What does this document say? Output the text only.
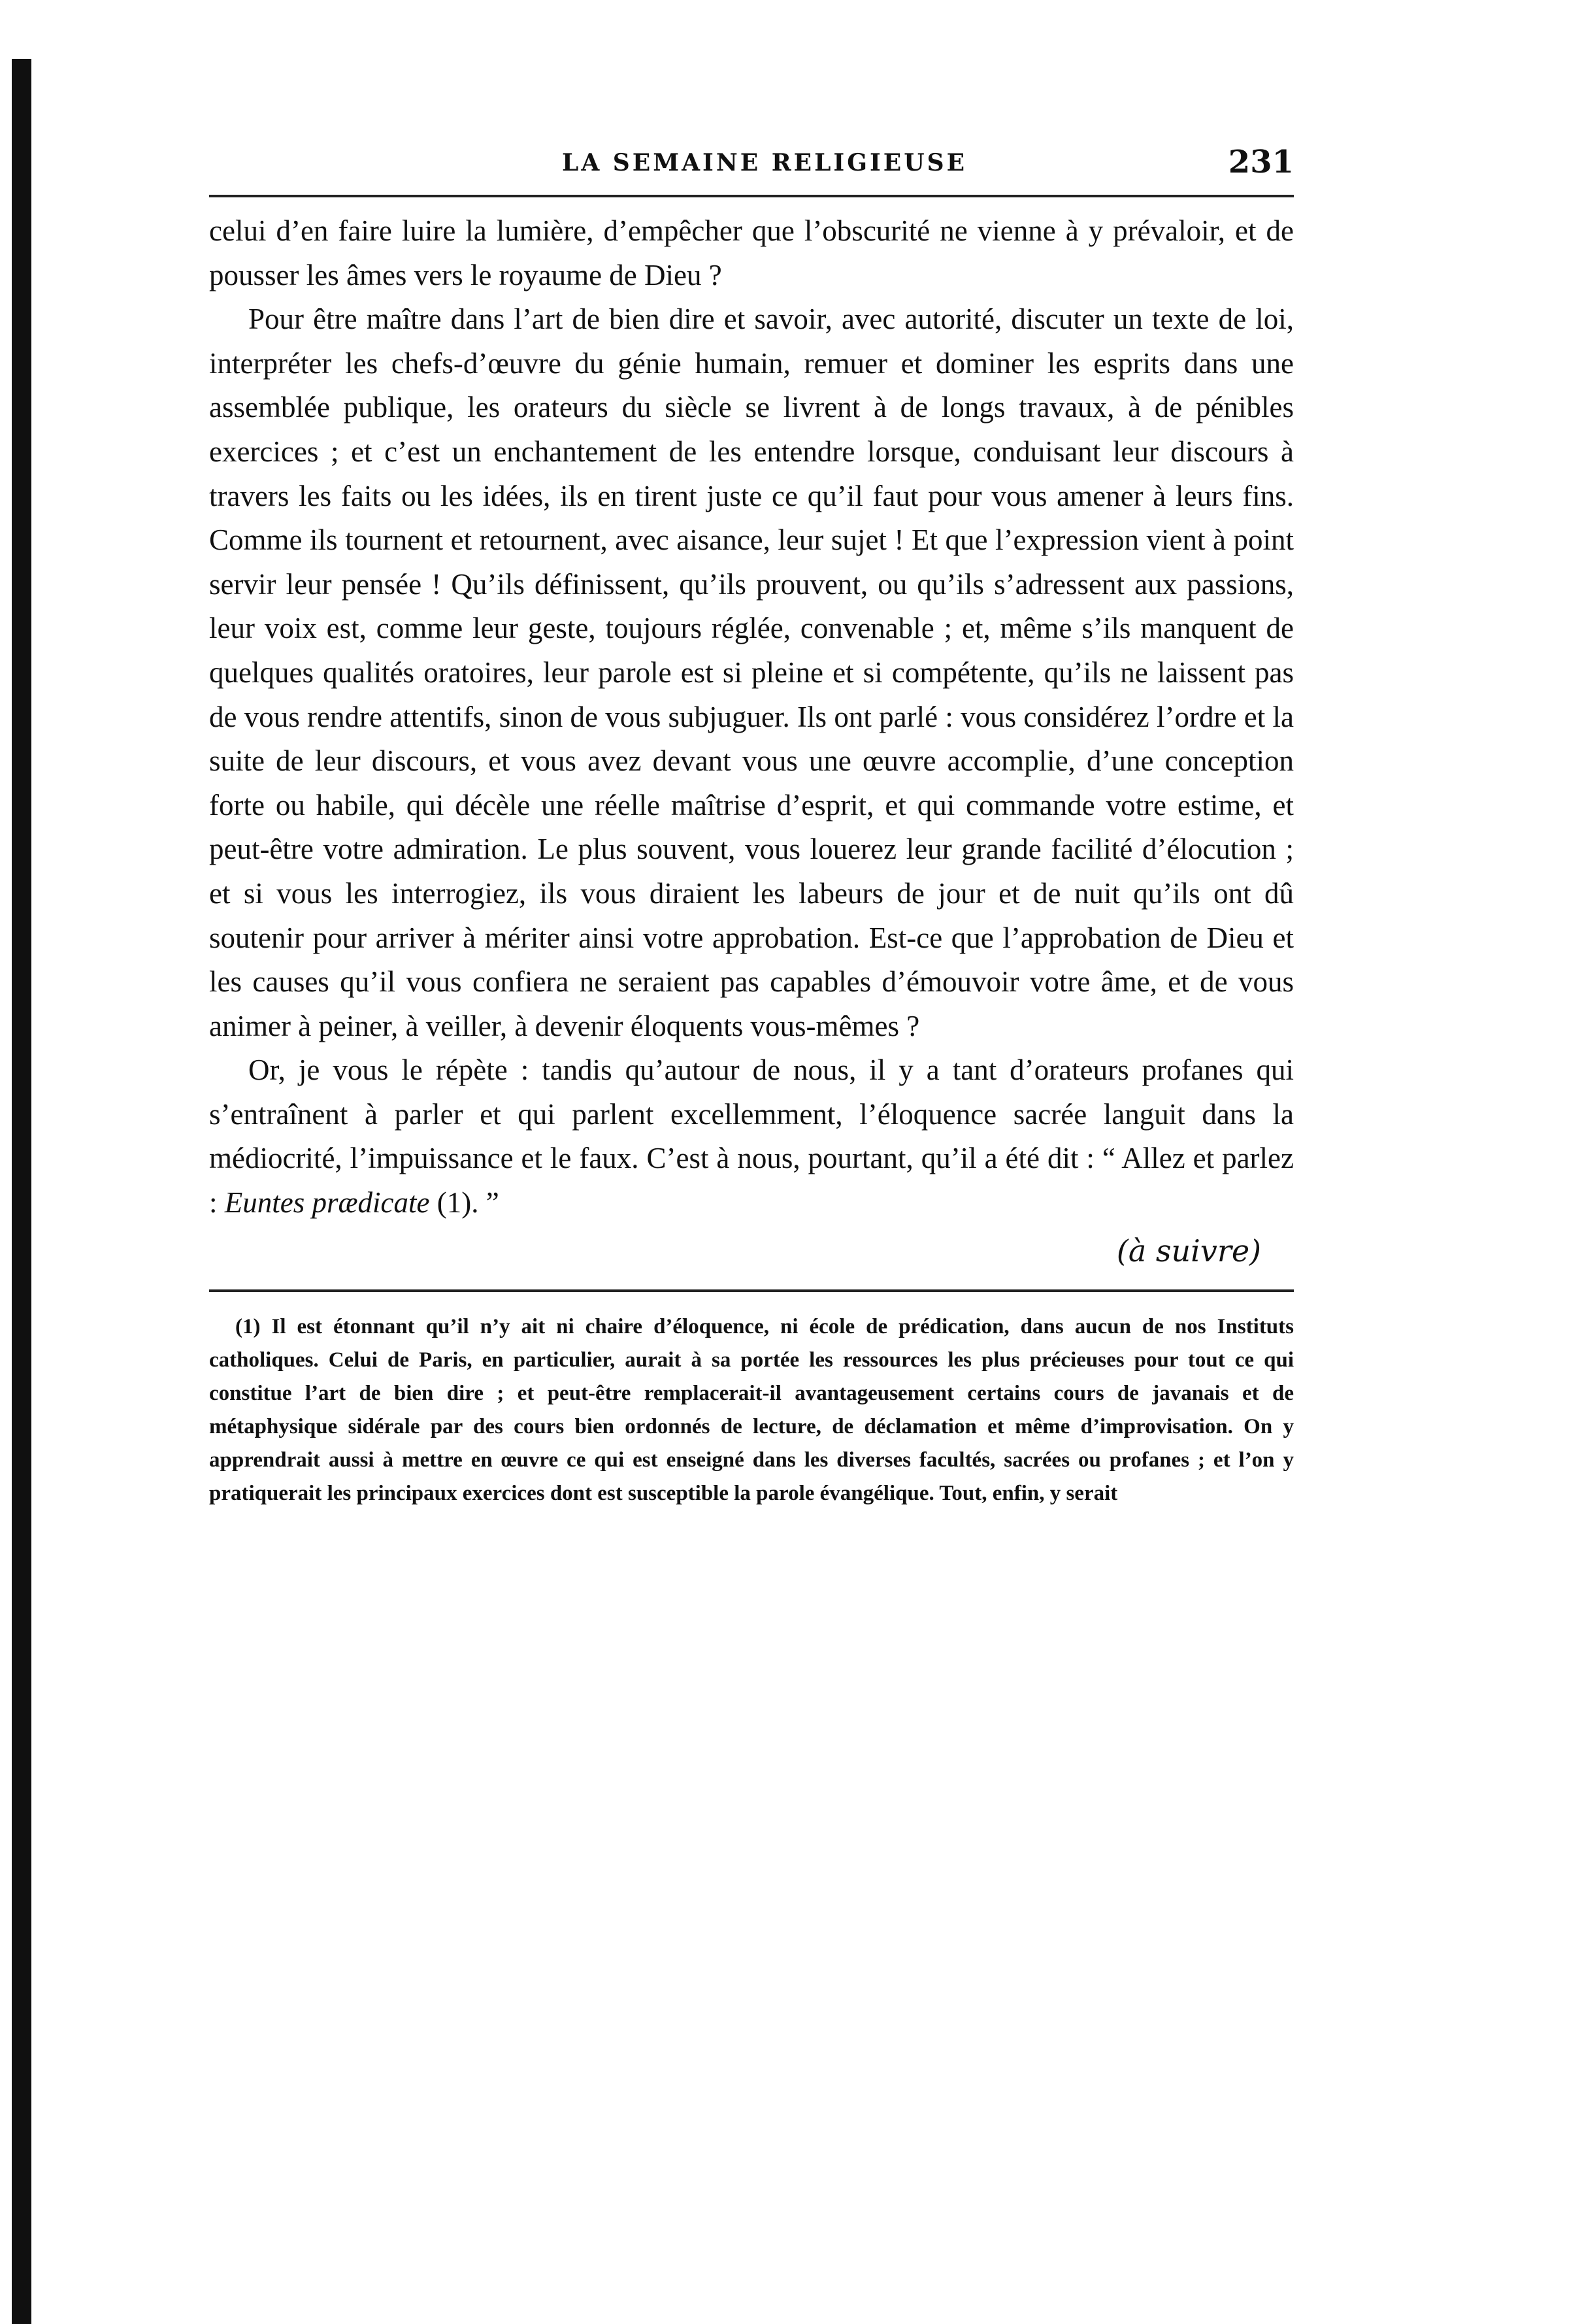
LA SEMAINE RELIGIEUSE	231

celui d’en faire luire la lumière, d’empêcher que l’obscurité ne vienne à y prévaloir, et de pousser les âmes vers le royaume de Dieu ?

Pour être maître dans l’art de bien dire et savoir, avec autorité, discuter un texte de loi, interpréter les chefs-d’œuvre du génie humain, remuer et dominer les esprits dans une assemblée publique, les orateurs du siècle se livrent à de longs travaux, à de pénibles exercices ; et c’est un enchantement de les entendre lorsque, conduisant leur discours à travers les faits ou les idées, ils en tirent juste ce qu’il faut pour vous amener à leurs fins. Comme ils tournent et retournent, avec aisance, leur sujet ! Et que l’expression vient à point servir leur pensée ! Qu’ils définissent, qu’ils prouvent, ou qu’ils s’adressent aux passions, leur voix est, comme leur geste, toujours réglée, convenable ; et, même s’ils manquent de quelques qualités oratoires, leur parole est si pleine et si compétente, qu’ils ne laissent pas de vous rendre attentifs, sinon de vous subjuguer. Ils ont parlé : vous considérez l’ordre et la suite de leur discours, et vous avez devant vous une œuvre accomplie, d’une conception forte ou habile, qui décèle une réelle maîtrise d’esprit, et qui commande votre estime, et peut-être votre admiration. Le plus souvent, vous louerez leur grande facilité d’élocution ; et si vous les interrogiez, ils vous diraient les labeurs de jour et de nuit qu’ils ont dû soutenir pour arriver à mériter ainsi votre approbation. Est-ce que l’approbation de Dieu et les causes qu’il vous confiera ne seraient pas capables d’émouvoir votre âme, et de vous animer à peiner, à veiller, à devenir éloquents vous-mêmes ?

Or, je vous le répète : tandis qu’autour de nous, il y a tant d’orateurs profanes qui s’entraînent à parler et qui parlent excellemment, l’éloquence sacrée languit dans la médiocrité, l’impuissance et le faux. C’est à nous, pourtant, qu’il a été dit : “ Allez et parlez : Euntes prædicate (1). ”

(à suivre)
(1) Il est étonnant qu’il n’y ait ni chaire d’éloquence, ni école de prédication, dans aucun de nos Instituts catholiques. Celui de Paris, en particulier, aurait à sa portée les ressources les plus précieuses pour tout ce qui constitue l’art de bien dire ; et peut-être remplacerait-il avantageusement certains cours de javanais et de métaphysique sidérale par des cours bien ordonnés de lecture, de déclamation et même d’improvisation. On y apprendrait aussi à mettre en œuvre ce qui est enseigné dans les diverses facultés, sacrées ou profanes ; et l’on y pratiquerait les principaux exercices dont est susceptible la parole évangélique. Tout, enfin, y serait
